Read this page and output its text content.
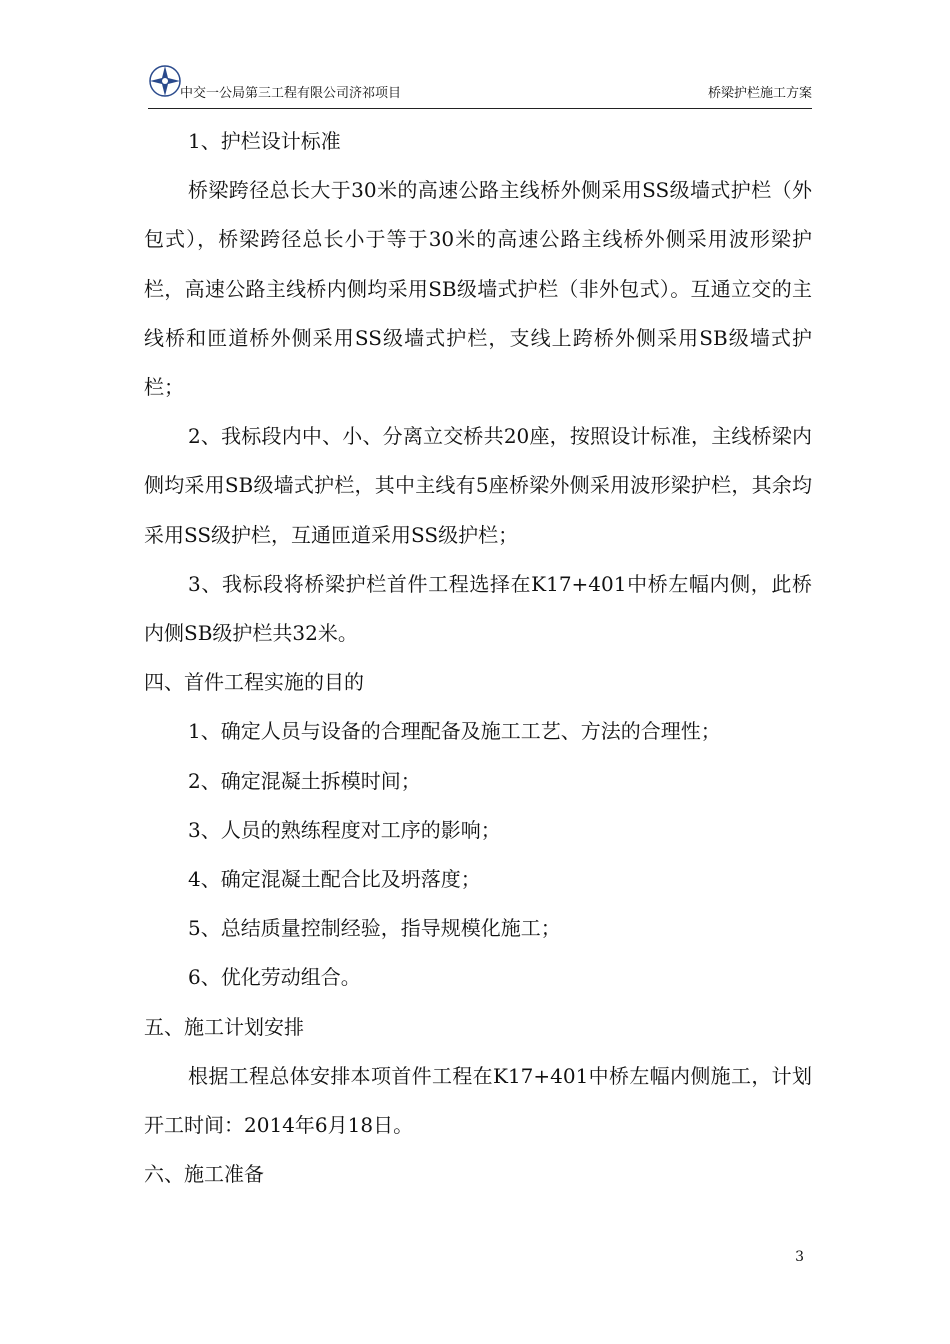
中交一公局第三工程有限公司济祁项目	桥梁护栏施工方案

1、护栏设计标准

桥梁跨径总长大于30米的高速公路主线桥外侧采用SS级墙式护栏（外包式），桥梁跨径总长小于等于30米的高速公路主线桥外侧采用波形梁护栏，高速公路主线桥内侧均采用SB级墙式护栏（非外包式）。互通立交的主线桥和匝道桥外侧采用SS级墙式护栏，支线上跨桥外侧采用SB级墙式护栏；

2、我标段内中、小、分离立交桥共20座，按照设计标准，主线桥梁内侧均采用SB级墙式护栏，其中主线有5座桥梁外侧采用波形梁护栏，其余均采用SS级护栏，互通匝道采用SS级护栏；

3、我标段将桥梁护栏首件工程选择在K17+401中桥左幅内侧，此桥内侧SB级护栏共32米。

四、首件工程实施的目的

1、确定人员与设备的合理配备及施工工艺、方法的合理性；

2、确定混凝土拆模时间；

3、人员的熟练程度对工序的影响；

4、确定混凝土配合比及坍落度；

5、总结质量控制经验，指导规模化施工；

6、优化劳动组合。

五、施工计划安排

根据工程总体安排本项首件工程在K17+401中桥左幅内侧施工，计划开工时间：2014年6月18日。

六、施工准备

3
